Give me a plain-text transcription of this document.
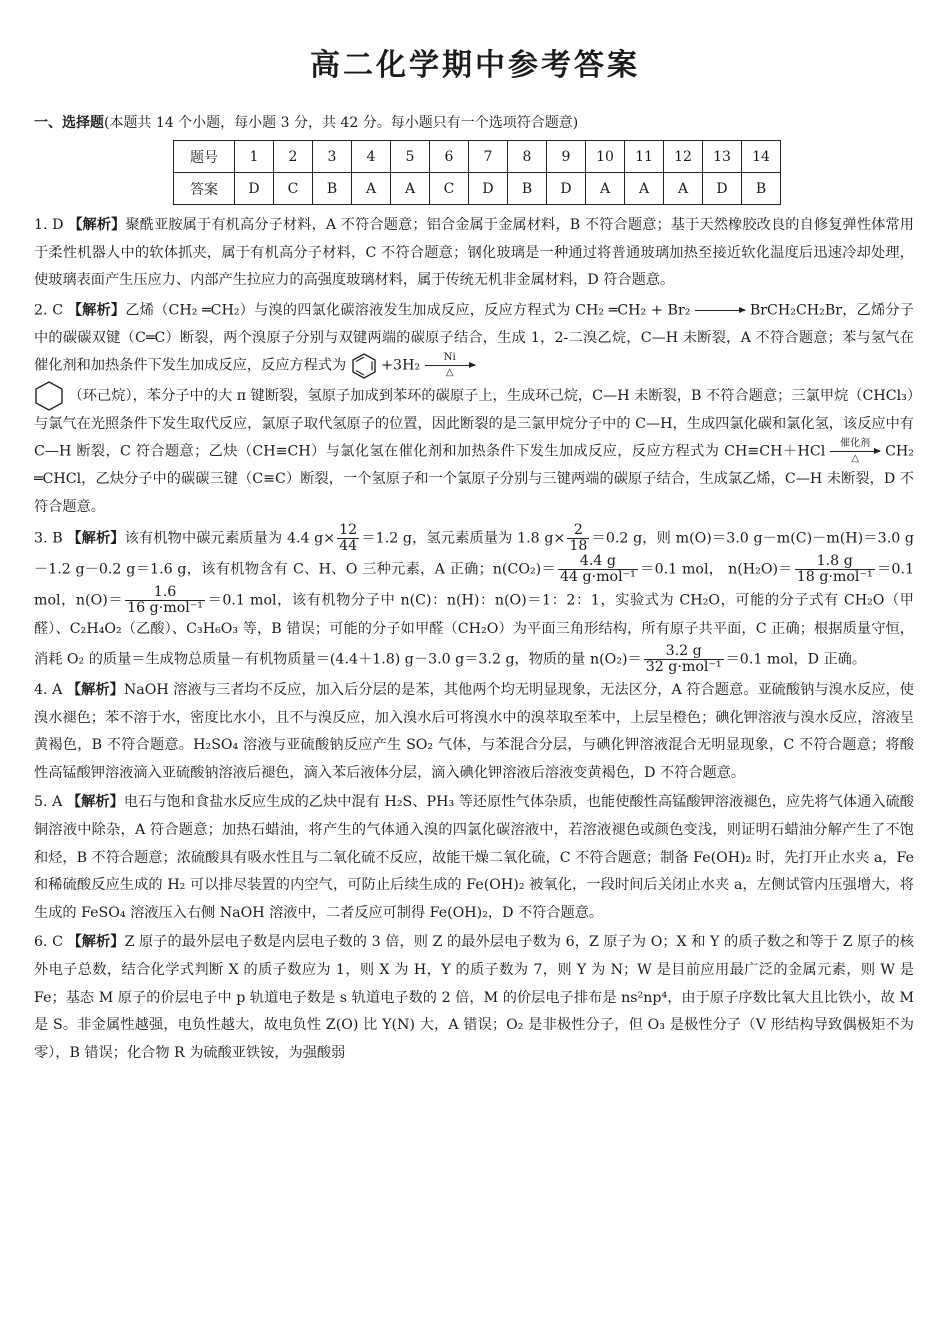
高二化学期中参考答案
一、选择题(本题共 14 个小题，每小题 3 分，共 42 分。每小题只有一个选项符合题意)
题号	1	2	3	4	5	6	7	8	9	10	11	12	13	14
答案	D	C	B	A	A	C	D	B	D	A	A	A	D	B
1. D 【解析】聚酰亚胺属于有机高分子材料，A 不符合题意；铝合金属于金属材料，B 不符合题意；基于天然橡胶改良的自修复弹性体常用于柔性机器人中的软体抓夹，属于有机高分子材料，C 不符合题意；钢化玻璃是一种通过将普通玻璃加热至接近软化温度后迅速冷却处理，使玻璃表面产生压应力、内部产生拉应力的高强度玻璃材料，属于传统无机非金属材料，D 符合题意。
2. C 【解析】乙烯（CH₂ ═CH₂）与溴的四氯化碳溶液发生加成反应，反应方程式为 CH₂ ═CH₂ + Br₂

→ BrCH₂CH₂Br，乙烯分子中的碳碳双键（C═C）断裂，两个溴原子分别与双键两端的碳原子结合，生成 1，2-二溴乙烷，C—H 未断裂，A 不符合题意；苯与氢气在催化剂和加热条件下发生加成反应，反应方程式为 +3H₂	Ni
△

（环己烷），苯分子中的大 π 键断裂，氢原子加成到苯环的碳原子上，生成环己烷，C—H 未断裂，B 不符合题意；三氯甲烷（CHCl₃）与氯气在光照条件下发生取代反应，氯原子取代氢原子的位置，因此断裂的是三氯甲烷分子中的 C—H，生成四氯化碳和氯化氢，该反应中有 C—H 断裂，C 符合题意；乙炔（CH≡CH）与氯化氢在催化剂和加热条件下发生加成反应，反应方程式为 CH≡CH＋HCl	催化剂
△	CH₂ ═CHCl，乙炔分子中的碳碳三键（C≡C）断裂，一个氢原子和一个氯原子分别与三键两端的碳原子结合，生成氯乙烯，C—H 未断裂，D 不符合题意。
3. B 【解析】该有机物中碳元素质量为 4.4 $g\times \frac{12}{44} =1.2$ g，氢元素质量为 1.8 $g\times \frac{2}{18} =0.2$ g，则 m(O)＝3.0 g－m(C)－m(H)＝3.0 g－1.2 g－0.2 g＝1.6 g，该有机物含有 C、H、O 三种元素，A 正确；$n(CO_2)= \frac{4.4 g}{\text{44 g·mol⁻¹}} =0.1$ mol， $n(H_2O)= \frac{1.8 g}{\text{18 g·mol⁻¹}} =0.1$ mol，$n(O)= \frac{1.6}{\text{16 g·mol⁻¹}} =0.1$ mol，该有机物分子中 n(C)：n(H)：n(O)＝1：2：1，实验式为 CH₂O，可能的分子式有 CH₂O（甲醛）、C₂H₄O₂（乙酸）、C₃H₆O₃ 等，B 错误；可能的分子如甲醛（CH₂O）为平面三角形结构，所有原子共平面，C 正确；根据质量守恒，消耗 O₂ 的质量＝生成物总质量－有机物质量＝(4.4＋1.8) g－3.0 g＝3.2 g，物质的量 $n(O_2)= \frac{3.2 g}{\text{32 g·mol⁻¹}} =0.1$ mol，D 正确。
4. A 【解析】NaOH 溶液与三者均不反应，加入后分层的是苯，其他两个均无明显现象，无法区分，A 符合题意。亚硫酸钠与溴水反应，使溴水褪色；苯不溶于水，密度比水小，且不与溴反应，加入溴水后可将溴水中的溴萃取至苯中，上层呈橙色；碘化钾溶液与溴水反应，溶液呈黄褐色，B 不符合题意。H₂SO₄ 溶液与亚硫酸钠反应产生 SO₂ 气体，与苯混合分层，与碘化钾溶液混合无明显现象，C 不符合题意；将酸性高锰酸钾溶液滴入亚硫酸钠溶液后褪色，滴入苯后液体分层，滴入碘化钾溶液后溶液变黄褐色，D 不符合题意。
5. A 【解析】电石与饱和食盐水反应生成的乙炔中混有 H₂S、PH₃ 等还原性气体杂质，也能使酸性高锰酸钾溶液褪色，应先将气体通入硫酸铜溶液中除杂，A 符合题意；加热石蜡油，将产生的气体通入溴的四氯化碳溶液中，若溶液褪色或颜色变浅，则证明石蜡油分解产生了不饱和烃，B 不符合题意；浓硫酸具有吸水性且与二氧化硫不反应，故能干燥二氧化硫，C 不符合题意；制备 Fe(OH)₂ 时，先打开止水夹 a，Fe 和稀硫酸反应生成的 H₂ 可以排尽装置的内空气，可防止后续生成的 Fe(OH)₂ 被氧化，一段时间后关闭止水夹 a，左侧试管内压强增大，将生成的 FeSO₄ 溶液压入右侧 NaOH 溶液中，二者反应可制得 Fe(OH)₂，D 不符合题意。
6. C 【解析】Z 原子的最外层电子数是内层电子数的 3 倍，则 Z 的最外层电子数为 6，Z 原子为 O；X 和 Y 的质子数之和等于 Z 原子的核外电子总数，结合化学式判断 X 的质子数应为 1，则 X 为 H，Y 的质子数为 7，则 Y 为 N；W 是目前应用最广泛的金属元素，则 W 是 Fe；基态 M 原子的价层电子中 p 轨道电子数是 s 轨道电子数的 2 倍，M 的价层电子排布是 ns²np⁴，由于原子序数比氧大且比铁小，故 M 是 S。非金属性越强，电负性越大，故电负性 Z(O) 比 Y(N) 大，A 错误；O₂ 是非极性分子，但 O₃ 是极性分子（V 形结构导致偶极矩不为零），B 错误；化合物 R 为硫酸亚铁铵，为强酸弱
